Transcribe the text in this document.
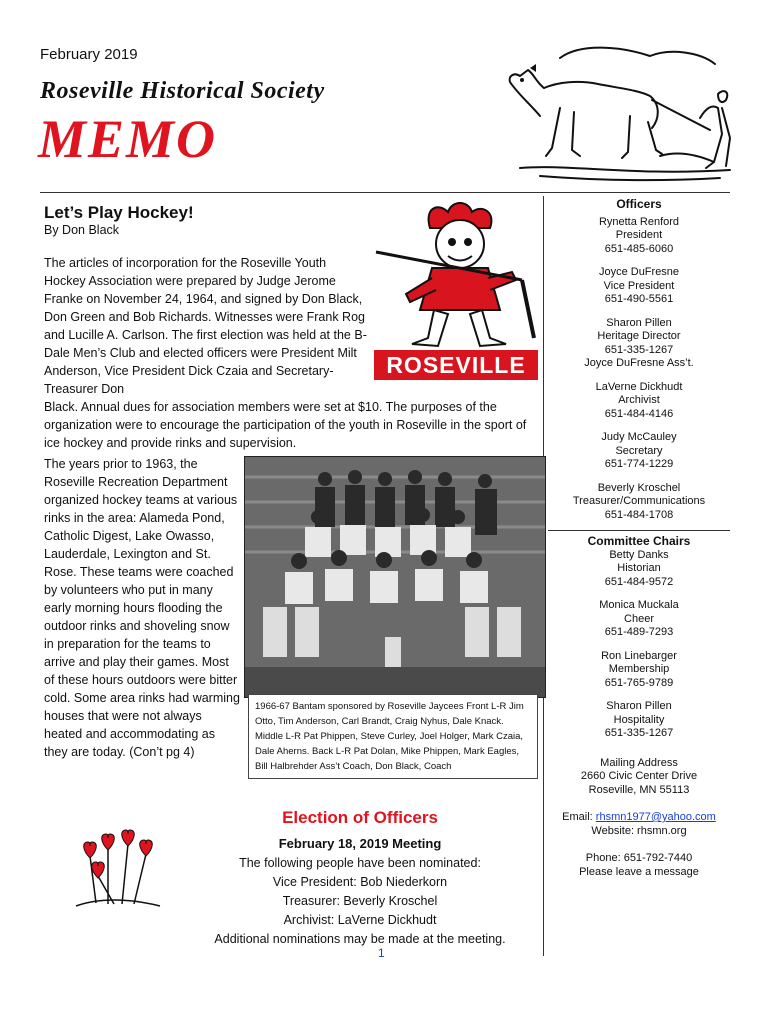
February 2019
Roseville Historical Society
MEMO
Let’s Play Hockey!
By Don Black
The articles of incorporation for the Roseville Youth Hockey Association were prepared by Judge Jerome Franke on November 24, 1964, and signed by Don Black, Don Green and Bob Richards. Witnesses were Frank Rog and Lucille A. Carlson. The first election was held at the B-Dale Men’s Club and elected officers were President Milt Anderson, Vice President Dick Czaia and Secretary-Treasurer Don
Black. Annual dues for association members were set at $10. The purposes of the organization were to encourage the participation of the youth in Roseville in the sport of ice hockey and provide rinks and supervision.
ROSEVILLE
The years prior to 1963, the Roseville Recreation Department organized hockey teams at various rinks in the area: Alameda Pond, Catholic Digest, Lake Owasso, Lauderdale, Lexington and St. Rose. These teams were coached by volunteers who put in many early morning hours flooding the outdoor rinks and shoveling snow in preparation for the teams to arrive and play their games. Most of these hours outdoors were bitter cold. Some area rinks had warming houses that were not always heated and accommodating as they are today. (Con’t pg 4)
1966-67 Bantam sponsored by Roseville Jaycees Front L-R Jim Otto, Tim Anderson, Carl Brandt, Craig Nyhus, Dale Knack. Middle L-R Pat Phippen, Steve Curley, Joel Holger, Mark Czaia, Dale Aherns. Back L-R Pat Dolan, Mike Phippen, Mark Eagles, Bill Halbrehder Ass’t Coach, Don Black, Coach
Election of Officers
February 18, 2019 Meeting
The following people have been nominated:
Vice President: Bob Niederkorn
Treasurer: Beverly Kroschel
Archivist: LaVerne Dickhudt
Additional nominations may be made at the meeting.
1
Officers
Rynetta Renford
President
651-485-6060
Joyce DuFresne
Vice President
651-490-5561
Sharon Pillen
Heritage Director
651-335-1267
Joyce DuFresne Ass’t.
LaVerne Dickhudt
Archivist
651-484-4146
Judy McCauley
Secretary
651-774-1229
Beverly Kroschel
Treasurer/Communications
651-484-1708
Committee Chairs
Betty Danks
Historian
651-484-9572
Monica Muckala
Cheer
651-489-7293
Ron Linebarger
Membership
651-765-9789
Sharon Pillen
Hospitality
651-335-1267
Mailing Address
2660 Civic Center Drive
Roseville, MN 55113
Email: rhsmn1977@yahoo.com
Website: rhsmn.org
Phone: 651-792-7440
Please leave a message
